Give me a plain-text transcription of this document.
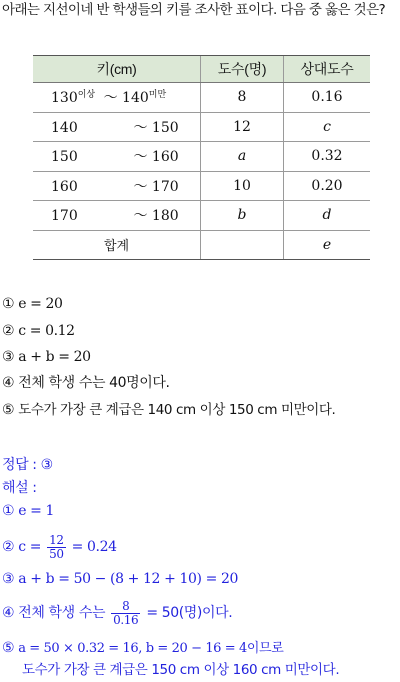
아래는 지선이네 반 학생들의 키를 조사한 표이다. 다음 중 옳은 것은?
키(cm)	도수(명)	상대도수
$130^{이상}$ ～ $140^{미만}$	8	0.16
140 ～ 150	12	c
150 ～ 160	a	0.32
160 ～ 170	10	0.20
170 ～ 180	b	d
합계		e
① e = 20
② c = 0.12
③ a + b = 20
④ 전체 학생 수는 40명이다.
⑤ 도수가 가장 큰 계급은 140 cm 이상 150 cm 미만이다.
정답 : ③
해설 :
① e = 1
② $c = \frac{12}{50} = 0.24$
③ a + b = 50 − (8 + 12 + 10) = 20
④ 전체 학생 수는 $\frac{8}{0.16} = 50$(명)이다.
⑤ a = 50 × 0.32 = 16, b = 20 − 16 = 4이므로
도수가 가장 큰 계급은 150 cm 이상 160 cm 미만이다.
